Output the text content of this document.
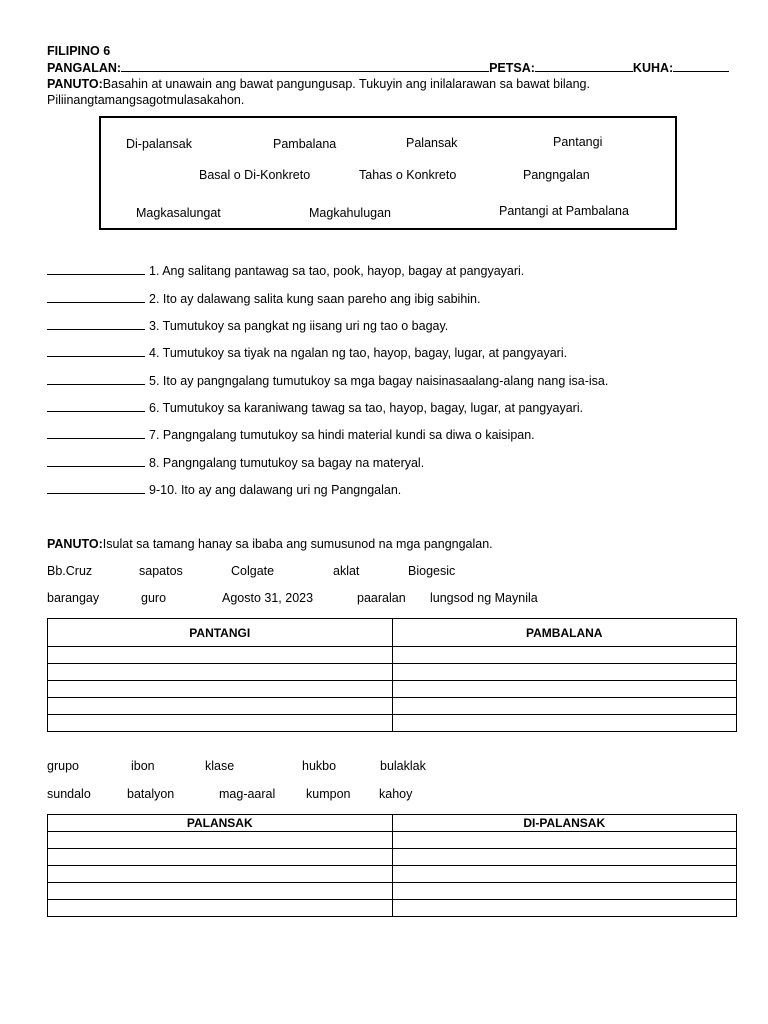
FILIPINO 6
PANGALAN:	PETSA:	KUHA:
PANUTO:Basahin at unawain ang bawat pangungusap. Tukuyin ang inilalarawan sa bawat bilang.
Piliinangtamangsagotmulasakahon.
Di-palansak	Pambalana	Palansak	Pantangi
Basal o Di-Konkreto	Tahas o Konkreto	Pangngalan
Magkasalungat	Magkahulugan	Pantangi at Pambalana
1. Ang salitang pantawag sa tao, pook, hayop, bagay at pangyayari.
2. Ito ay dalawang salita kung saan pareho ang ibig sabihin.
3. Tumutukoy sa pangkat ng iisang uri ng tao o bagay.
4. Tumutukoy sa tiyak na ngalan ng tao, hayop, bagay, lugar, at pangyayari.
5. Ito ay pangngalang tumutukoy sa mga bagay naisinasaalang-alang nang isa-isa.
6. Tumutukoy sa karaniwang tawag sa tao, hayop, bagay, lugar, at pangyayari.
7. Pangngalang tumutukoy sa hindi material kundi sa diwa o kaisipan.
8. Pangngalang tumutukoy sa bagay na materyal.
9-10. Ito ay ang dalawang uri ng Pangngalan.
PANUTO:Isulat sa tamang hanay sa ibaba ang sumusunod na mga pangngalan.
Bb.Cruz	sapatos	Colgate	aklat	Biogesic
barangay	guro	Agosto 31, 2023	paaralan lungsod ng Maynila
PANTANGI	PAMBALANA

grupo	ibon	klase	hukbo	bulaklak
sundalo	batalyon	mag-aaral kumpon kahoy
PALANSAK	DI-PALANSAK
